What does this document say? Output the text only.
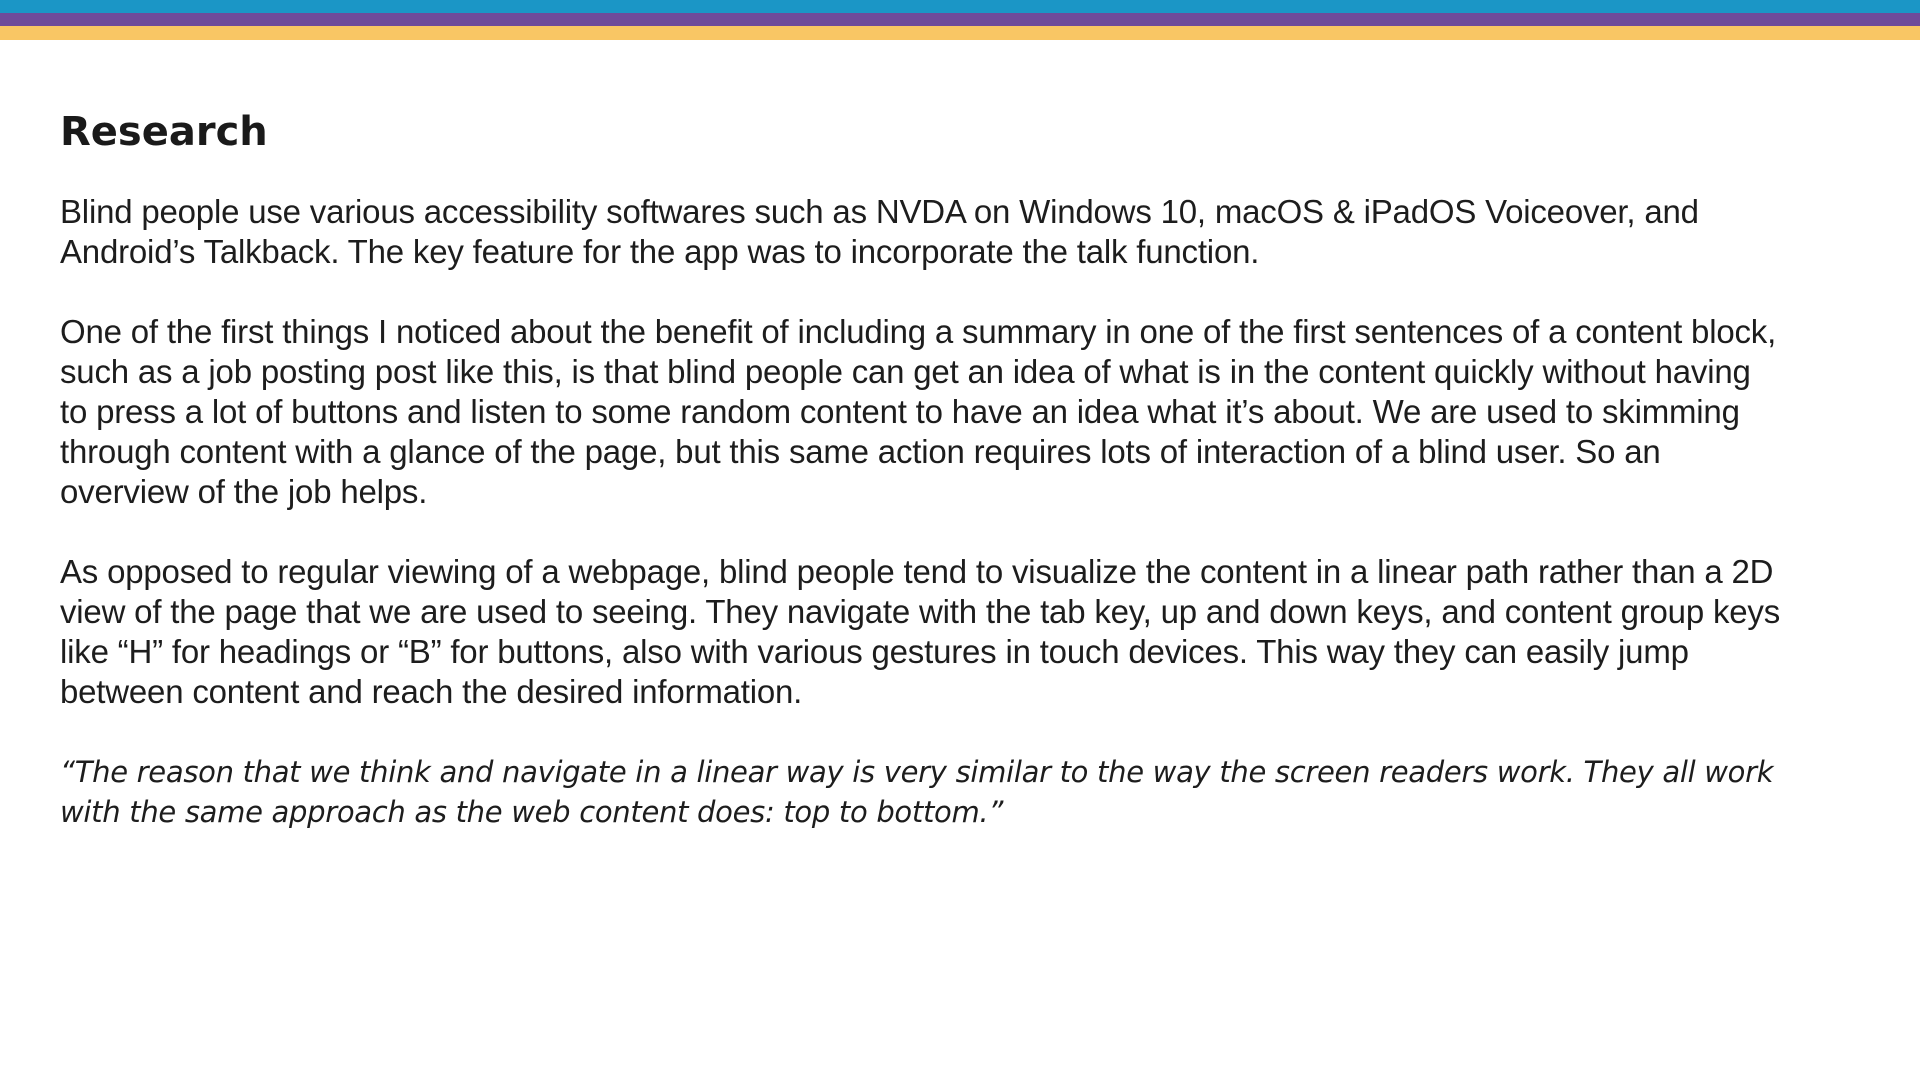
Research

Blind people use various accessibility softwares such as NVDA on Windows 10, macOS & iPadOS Voiceover, and Android’s Talkback. The key feature for the app was to incorporate the talk function.

One of the first things I noticed about the benefit of including a summary in one of the first sentences of a content block, such as a job posting post like this, is that blind people can get an idea of what is in the content quickly without having to press a lot of buttons and listen to some random content to have an idea what it’s about. We are used to skimming through content with a glance of the page, but this same action requires lots of interaction of a blind user. So an overview of the job helps.

As opposed to regular viewing of a webpage, blind people tend to visualize the content in a linear path rather than a 2D view of the page that we are used to seeing. They navigate with the tab key, up and down keys, and content group keys like “H” for headings or “B” for buttons, also with various gestures in touch devices. This way they can easily jump between content and reach the desired information.

“The reason that we think and navigate in a linear way is very similar to the way the screen readers work. They all work with the same approach as the web content does: top to bottom.”
